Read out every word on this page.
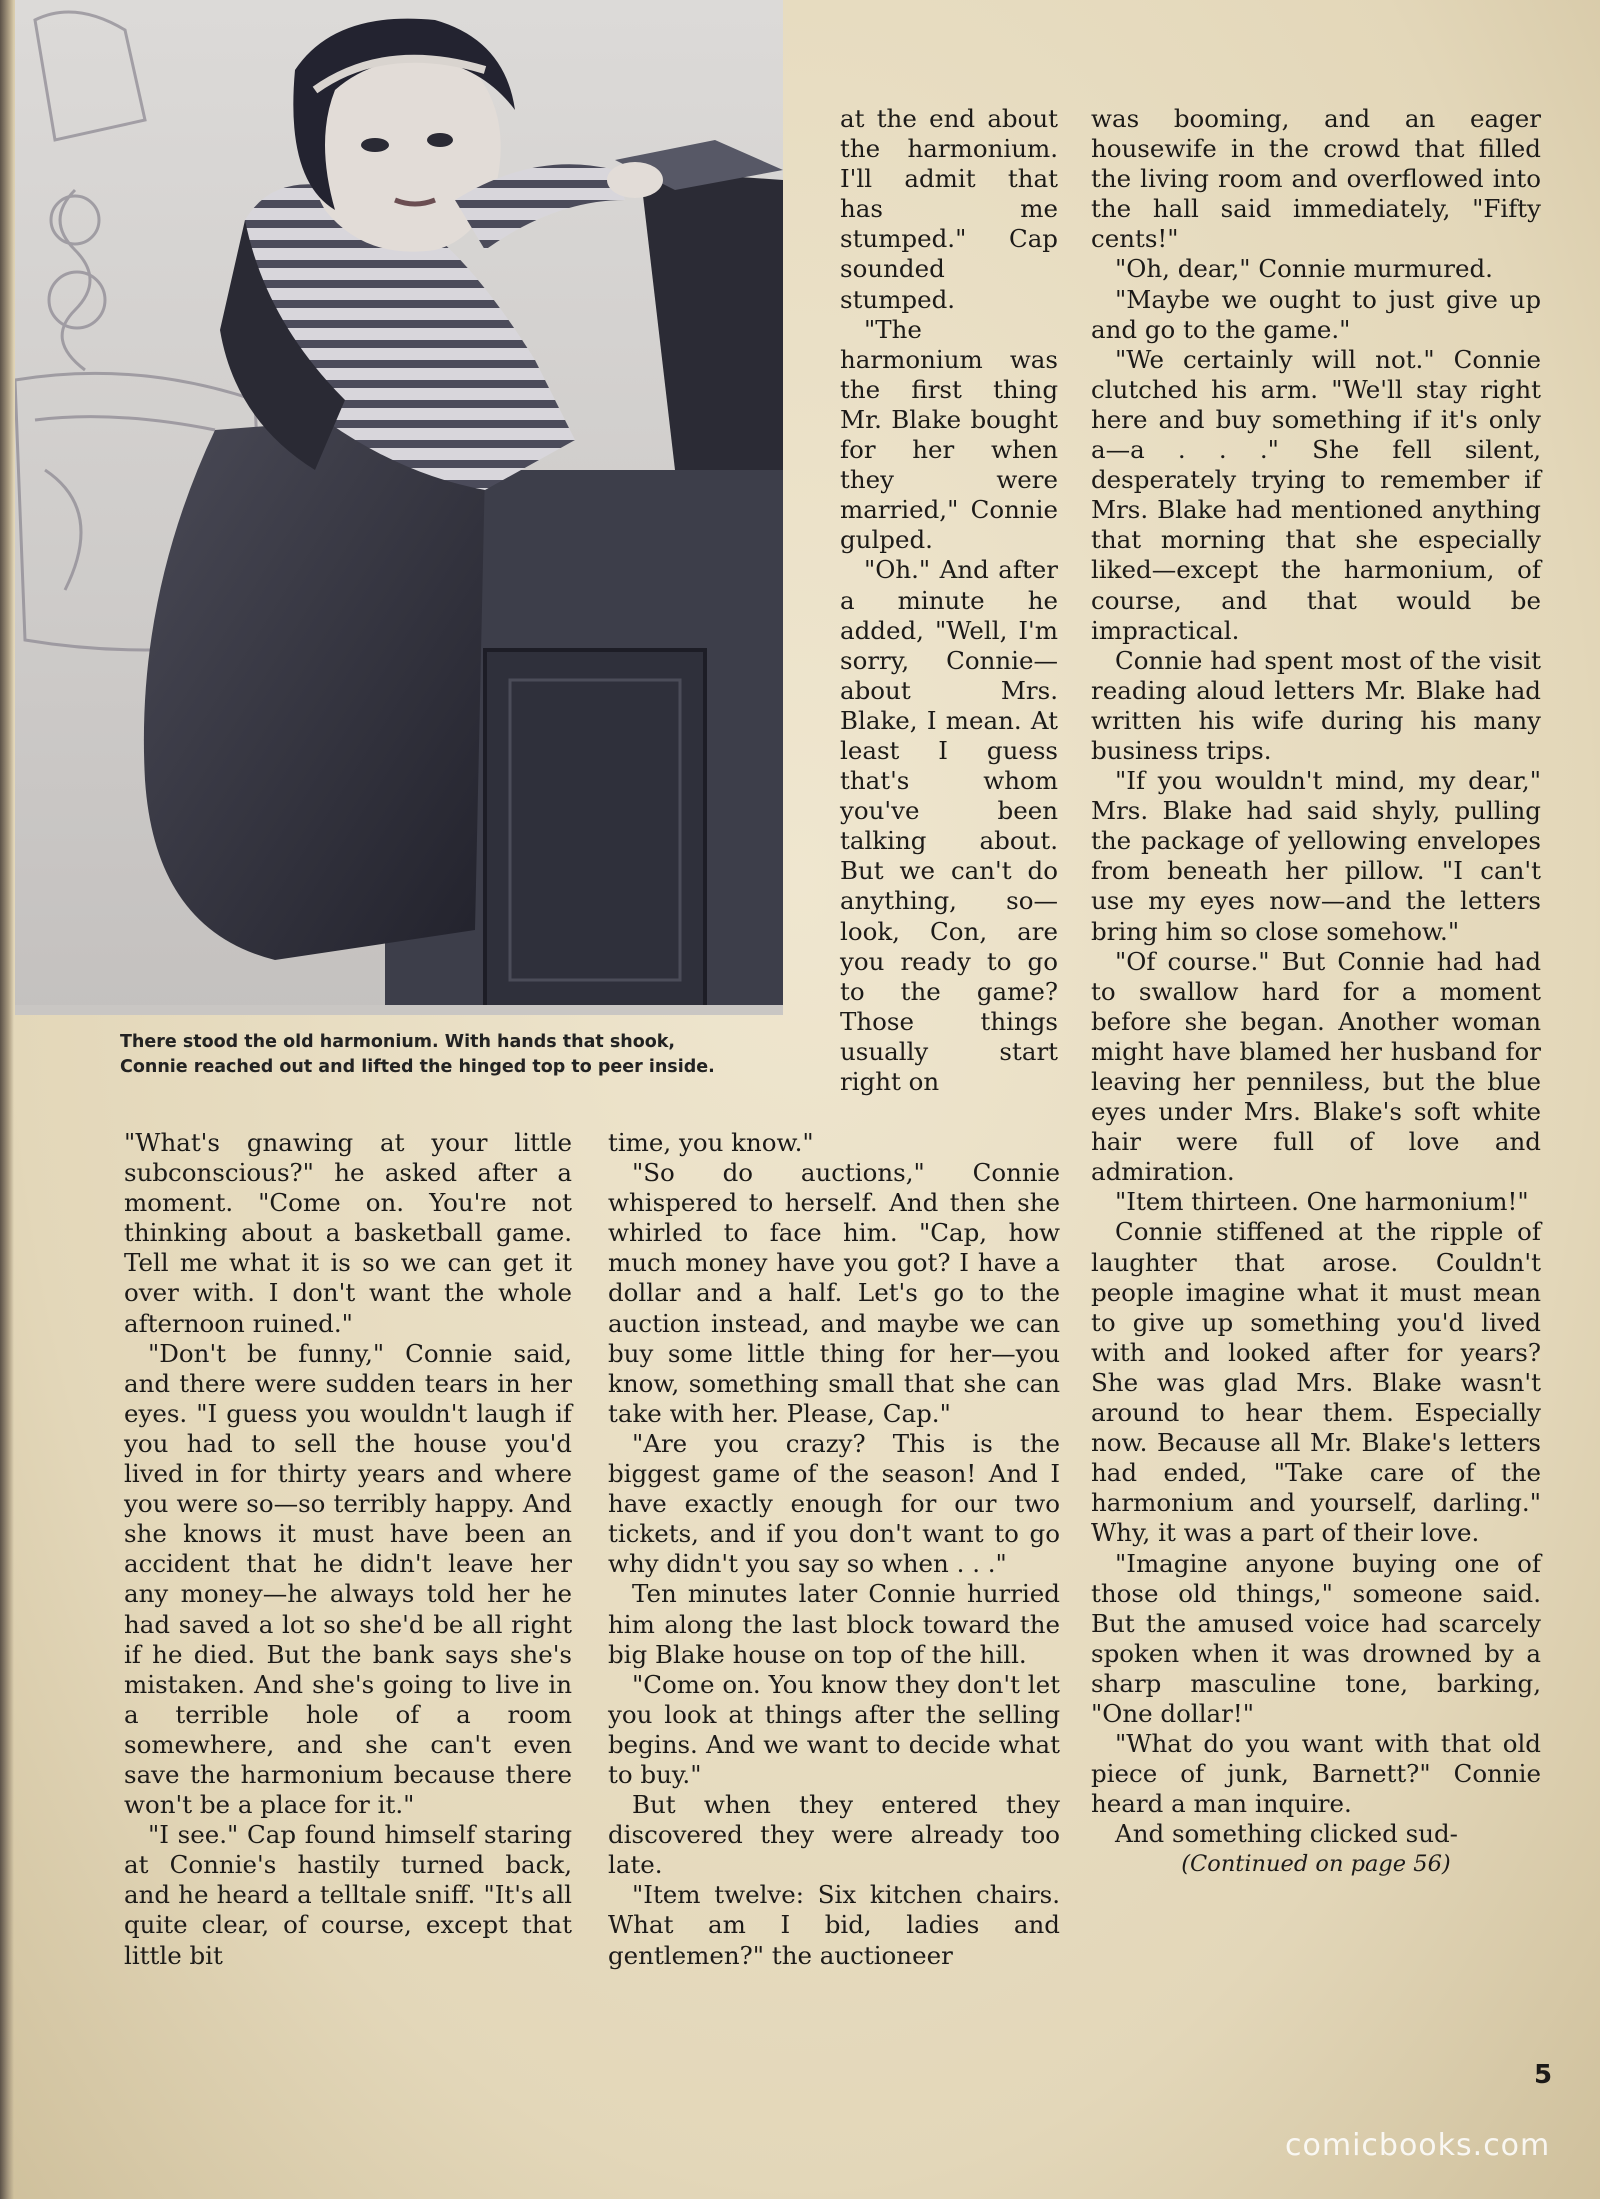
There stood the old harmonium. With hands that shook,

Connie reached out and lifted the hinged top to peer inside.

at the end about the harmonium. I'll admit that has me stumped." Cap sounded stumped.

"The harmonium was the first thing Mr. Blake bought for her when they were married," Connie gulped.

"Oh." And after a minute he added, "Well, I'm sorry, Connie—about Mrs. Blake, I mean. At least I guess that's whom you've been talking about. But we can't do anything, so—look, Con, are you ready to go to the game? Those things usually start right on

"What's gnawing at your little subconscious?" he asked after a moment. "Come on. You're not thinking about a basketball game. Tell me what it is so we can get it over with. I don't want the whole afternoon ruined."

"Don't be funny," Connie said, and there were sudden tears in her eyes. "I guess you wouldn't laugh if you had to sell the house you'd lived in for thirty years and where you were so—so terribly happy. And she knows it must have been an accident that he didn't leave her any money—he always told her he had saved a lot so she'd be all right if he died. But the bank says she's mistaken. And she's going to live in a terrible hole of a room somewhere, and she can't even save the harmonium because there won't be a place for it."

"I see." Cap found himself staring at Connie's hastily turned back, and he heard a telltale sniff. "It's all quite clear, of course, except that little bit

time, you know."

"So do auctions," Connie whispered to herself. And then she whirled to face him. "Cap, how much money have you got? I have a dollar and a half. Let's go to the auction instead, and maybe we can buy some little thing for her—you know, something small that she can take with her. Please, Cap."

"Are you crazy? This is the biggest game of the season! And I have exactly enough for our two tickets, and if you don't want to go why didn't you say so when . . ."

Ten minutes later Connie hurried him along the last block toward the big Blake house on top of the hill.

"Come on. You know they don't let you look at things after the selling begins. And we want to decide what to buy."

But when they entered they discovered they were already too late.

"Item twelve: Six kitchen chairs. What am I bid, ladies and gentlemen?" the auctioneer

was booming, and an eager housewife in the crowd that filled the living room and overflowed into the hall said immediately, "Fifty cents!"

"Oh, dear," Connie murmured.

"Maybe we ought to just give up and go to the game."

"We certainly will not." Connie clutched his arm. "We'll stay right here and buy something if it's only a—a . . ." She fell silent, desperately trying to remember if Mrs. Blake had mentioned anything that morning that she especially liked—except the harmonium, of course, and that would be impractical.

Connie had spent most of the visit reading aloud letters Mr. Blake had written his wife during his many business trips.

"If you wouldn't mind, my dear," Mrs. Blake had said shyly, pulling the package of yellowing envelopes from beneath her pillow. "I can't use my eyes now—and the letters bring him so close somehow."

"Of course." But Connie had had to swallow hard for a moment before she began. Another woman might have blamed her husband for leaving her penniless, but the blue eyes under Mrs. Blake's soft white hair were full of love and admiration.

"Item thirteen. One harmonium!"

Connie stiffened at the ripple of laughter that arose. Couldn't people imagine what it must mean to give up something you'd lived with and looked after for years? She was glad Mrs. Blake wasn't around to hear them. Especially now. Because all Mr. Blake's letters had ended, "Take care of the harmonium and yourself, darling." Why, it was a part of their love.

"Imagine anyone buying one of those old things," someone said. But the amused voice had scarcely spoken when it was drowned by a sharp masculine tone, barking, "One dollar!"

"What do you want with that old piece of junk, Barnett?" Connie heard a man inquire.

And something clicked sud-

(Continued on page 56)

5
comicbooks.com
